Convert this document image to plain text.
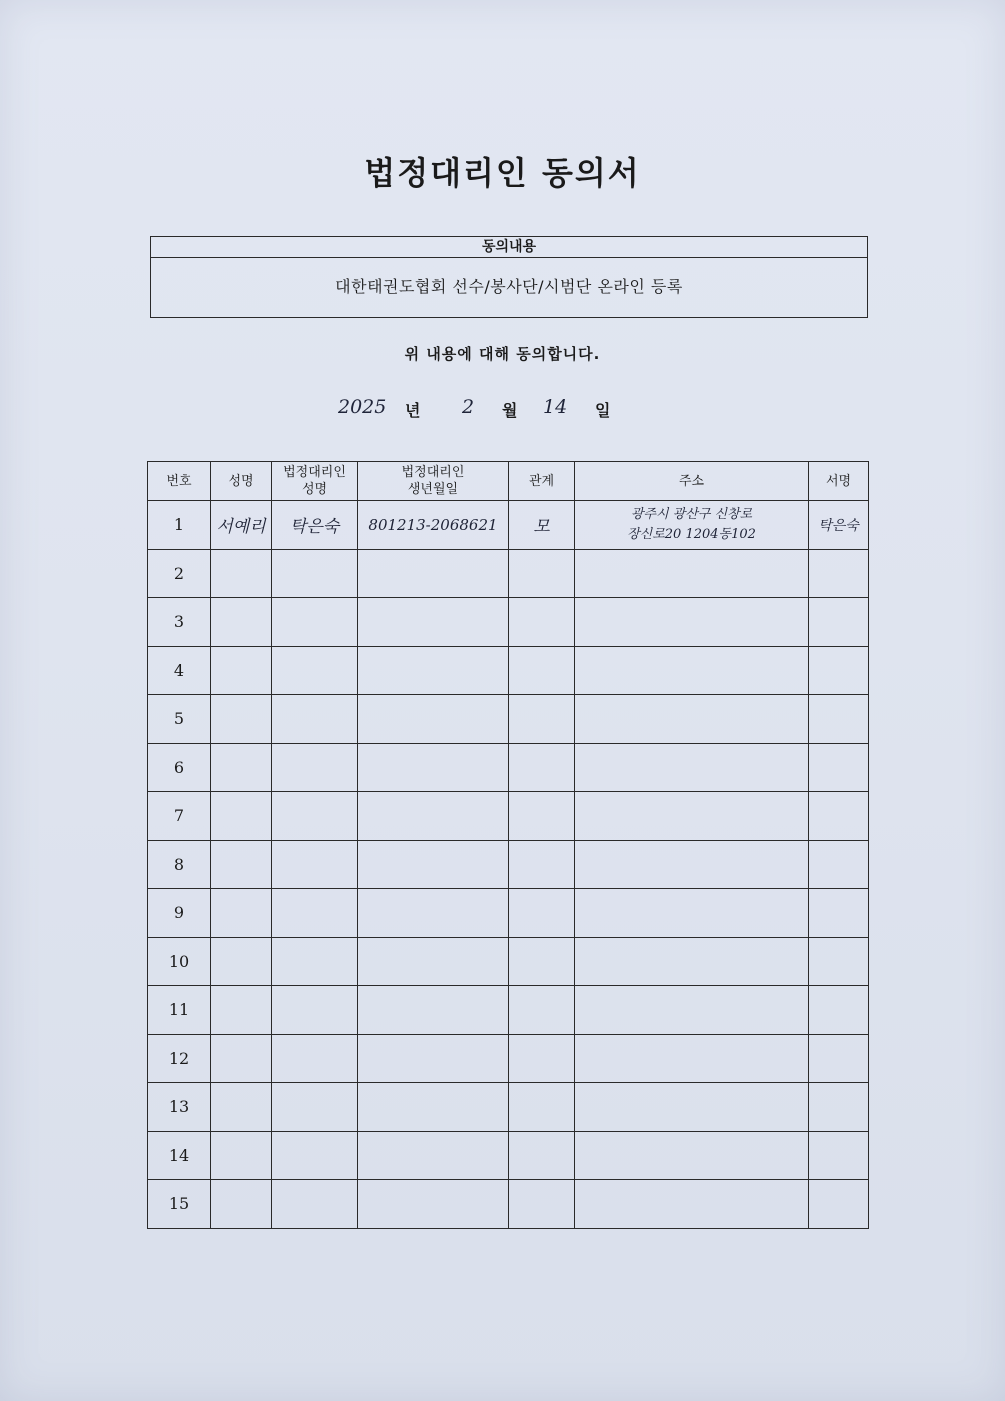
법정대리인 동의서
동의내용
대한태권도협회 선수/봉사단/시범단 온라인 등록
위 내용에 대해 동의합니다.
2025 년 2 월 14 일
번호	성명	법정대리인 성명	법정대리인 생년월일	관계	주소	서명
1	서예리	탁은숙	801213-2068621	모	광주시 광산구 신창로
장신로20 1204동102	탁은숙
2					

3					

4					

5					

6					

7					

8					

9					

10					

11					

12					

13					

14					

15					
